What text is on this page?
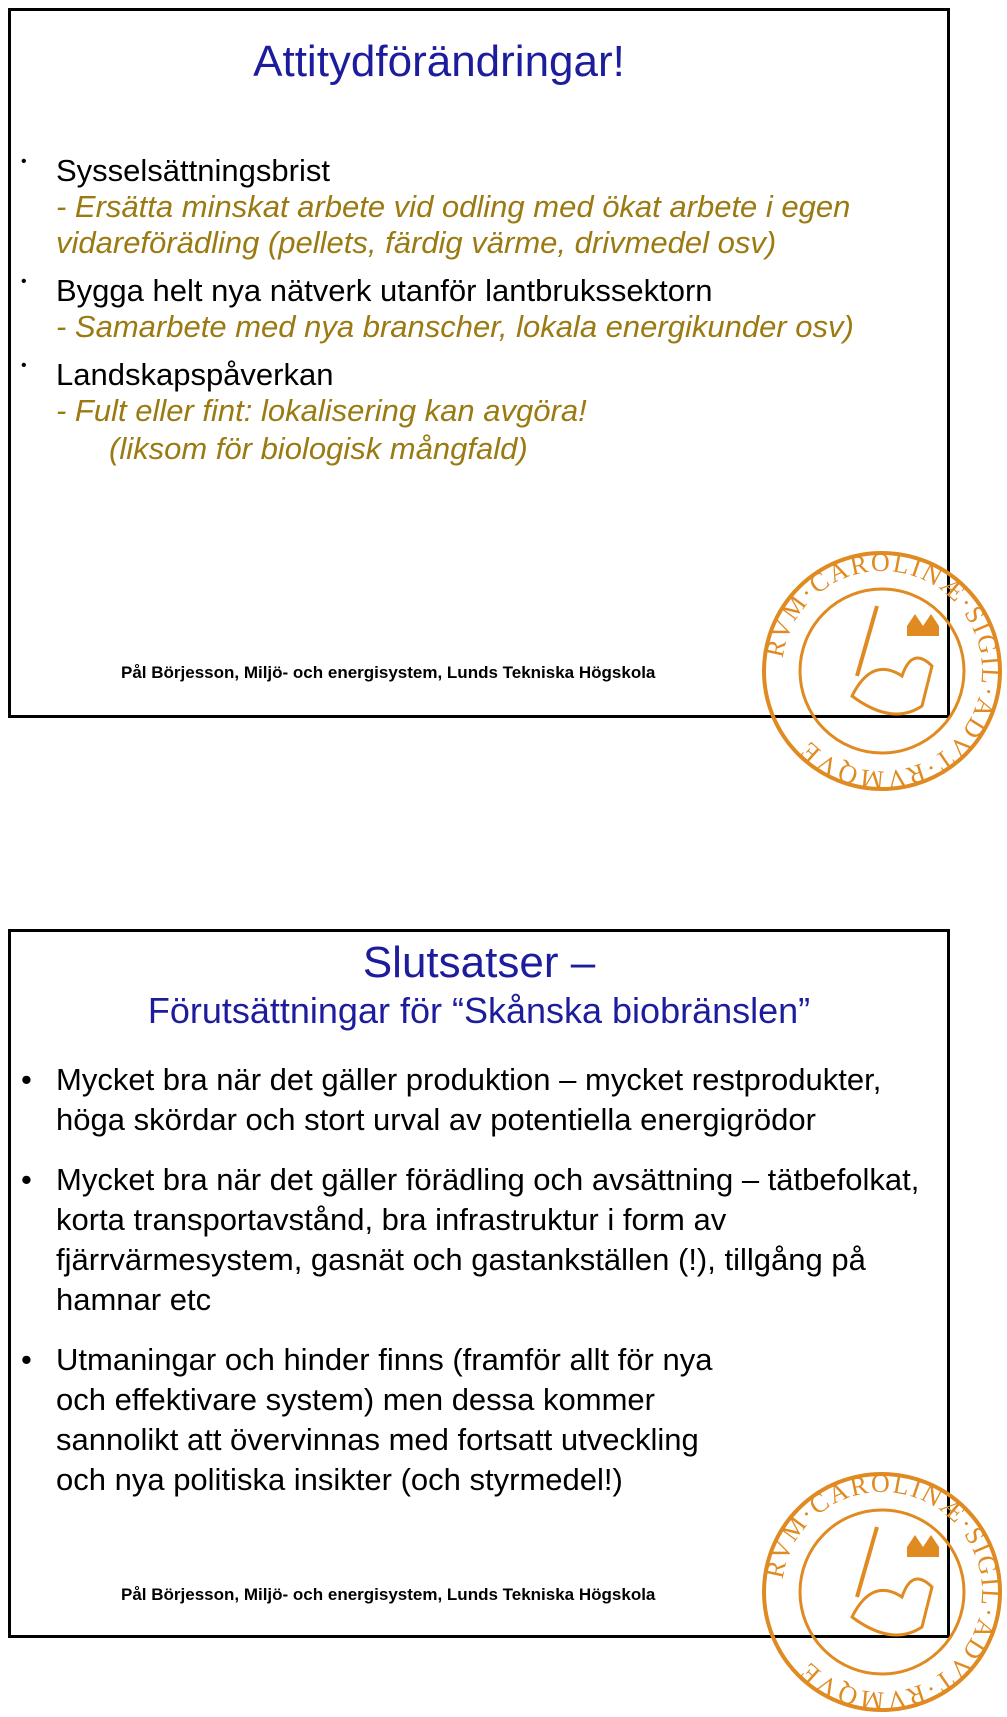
Attitydförändringar!
• Sysselsättningsbrist
- Ersätta minskat arbete vid odling med ökat arbete i egen vidareförädling (pellets, färdig värme, drivmedel osv)
• Bygga helt nya nätverk utanför lantbrukssektorn
- Samarbete med nya branscher, lokala energikunder osv)
• Landskapspåverkan
- Fult eller fint: lokalisering kan avgöra!
(liksom för biologisk mångfald)
Pål Börjesson, Miljö- och energisystem, Lunds Tekniska Högskola
RVM·CAROLINÆ·SIGIL·ADVT·RVMQVE
Slutsatser –
Förutsättningar för “Skånska biobränslen”
• Mycket bra när det gäller produktion – mycket restprodukter, höga skördar och stort urval av potentiella energigrödor
• Mycket bra när det gäller förädling och avsättning – tätbefolkat, korta transportavstånd, bra infrastruktur i form av fjärrvärmesystem, gasnät och gastankställen (!), tillgång på hamnar etc
• Utmaningar och hinder finns (framför allt för nya och effektivare system) men dessa kommer sannolikt att övervinnas med fortsatt utveckling och nya politiska insikter (och styrmedel!)
Pål Börjesson, Miljö- och energisystem, Lunds Tekniska Högskola
RVM·CAROLINÆ·SIGIL·ADVT·RVMQVE
